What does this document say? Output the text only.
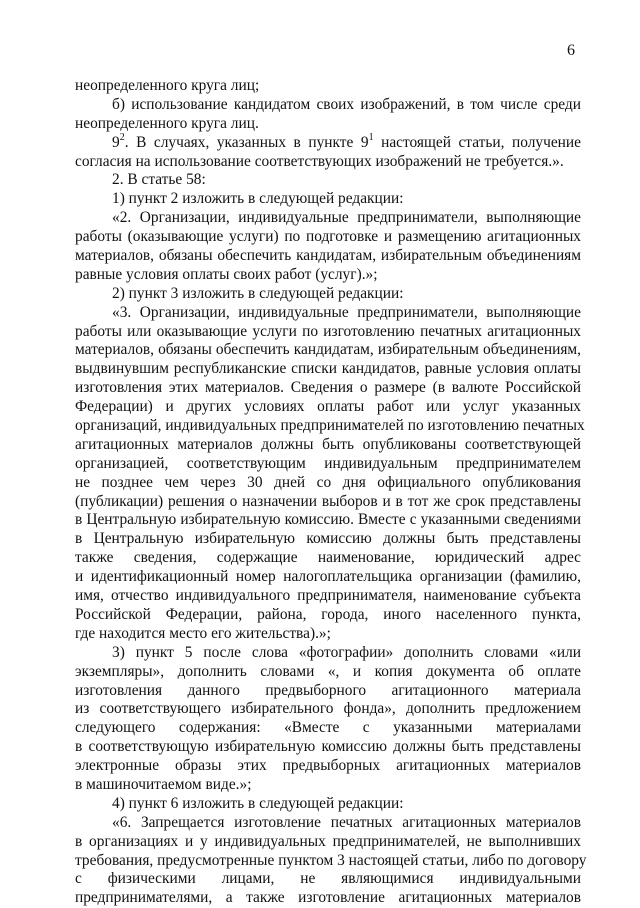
6
неопределенного круга лиц;
б) использование кандидатом своих изображений, в том числе среди
неопределенного круга лиц.
$9^2$. В случаях, указанных в пункте $9^1$ настоящей статьи, получение
согласия на использование соответствующих изображений не требуется.».
2. В статье 58:
1) пункт 2 изложить в следующей редакции:
«2. Организации, индивидуальные предприниматели, выполняющие
работы (оказывающие услуги) по подготовке и размещению агитационных
материалов, обязаны обеспечить кандидатам, избирательным объединениям
равные условия оплаты своих работ (услуг).»;
2) пункт 3 изложить в следующей редакции:
«3. Организации, индивидуальные предприниматели, выполняющие
работы или оказывающие услуги по изготовлению печатных агитационных
материалов, обязаны обеспечить кандидатам, избирательным объединениям,
выдвинувшим республиканские списки кандидатов, равные условия оплаты
изготовления этих материалов. Сведения о размере (в валюте Российской
Федерации) и других условиях оплаты работ или услуг указанных
организаций, индивидуальных предпринимателей по изготовлению печатных
агитационных материалов должны быть опубликованы соответствующей
организацией, соответствующим индивидуальным предпринимателем
не позднее чем через 30 дней со дня официального опубликования
(публикации) решения о назначении выборов и в тот же срок представлены
в Центральную избирательную комиссию. Вместе с указанными сведениями
в Центральную избирательную комиссию должны быть представлены
также сведения, содержащие наименование, юридический адрес
и идентификационный номер налогоплательщика организации (фамилию,
имя, отчество индивидуального предпринимателя, наименование субъекта
Российской Федерации, района, города, иного населенного пункта,
где находится место его жительства).»;
3) пункт 5 после слова «фотографии» дополнить словами «или
экземпляры», дополнить словами «, и копия документа об оплате
изготовления данного предвыборного агитационного материала
из соответствующего избирательного фонда», дополнить предложением
следующего содержания: «Вместе с указанными материалами
в соответствующую избирательную комиссию должны быть представлены
электронные образы этих предвыборных агитационных материалов
в машиночитаемом виде.»;
4) пункт 6 изложить в следующей редакции:
«6. Запрещается изготовление печатных агитационных материалов
в организациях и у индивидуальных предпринимателей, не выполнивших
требования, предусмотренные пунктом 3 настоящей статьи, либо по договору
с физическими лицами, не являющимися индивидуальными
предпринимателями, а также изготовление агитационных материалов
